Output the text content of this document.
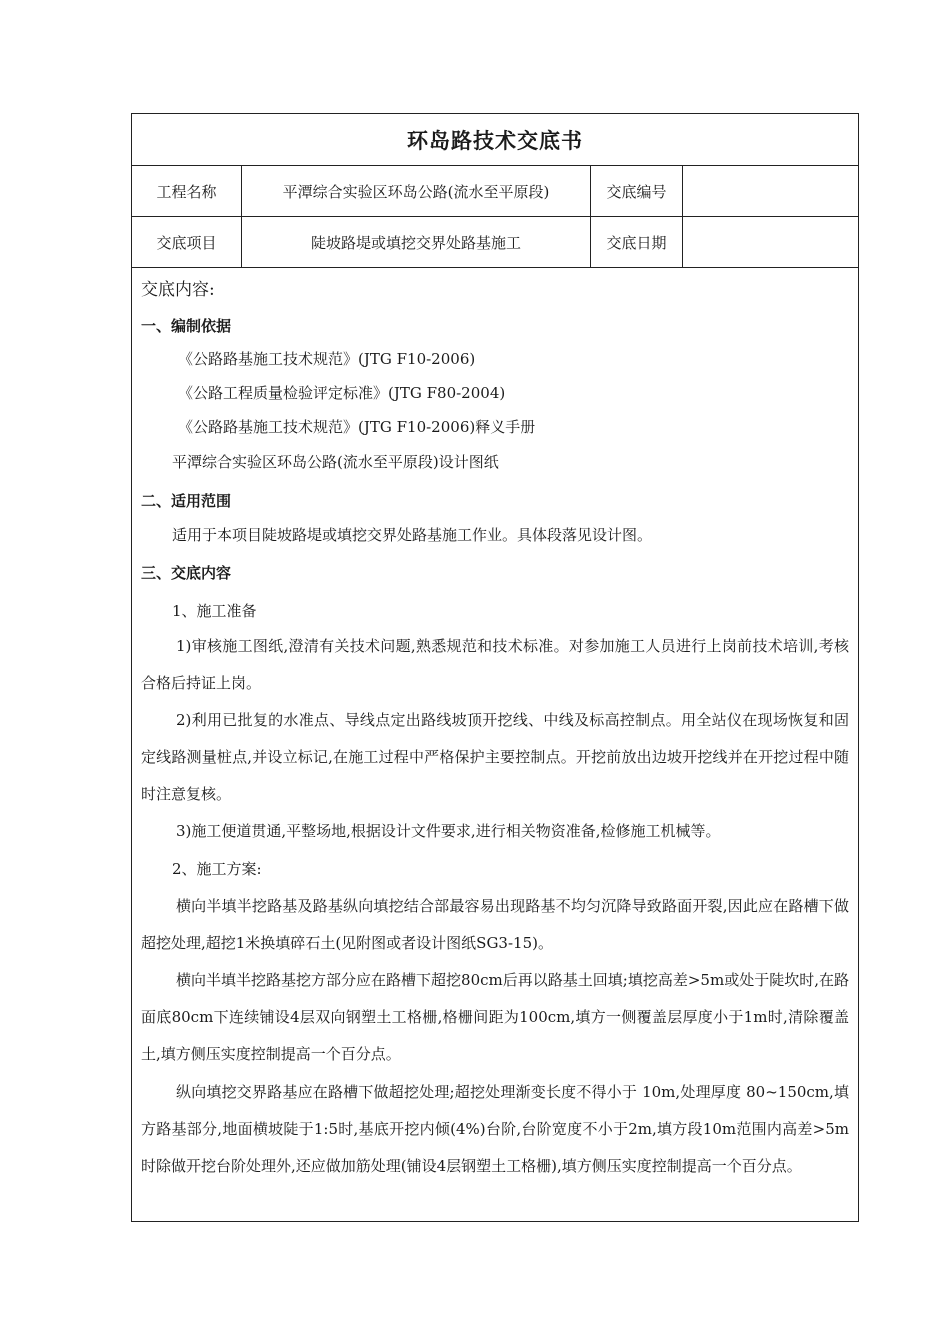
环岛路技术交底书
工程名称	平潭综合实验区环岛公路(流水至平原段)	交底编号
交底项目	陡坡路堤或填挖交界处路基施工	交底日期
交底内容:
一、编制依据
《公路路基施工技术规范》(JTG F10-2006)
《公路工程质量检验评定标准》(JTG F80-2004)
《公路路基施工技术规范》(JTG F10-2006)释义手册
平潭综合实验区环岛公路(流水至平原段)设计图纸
二、适用范围
适用于本项目陡坡路堤或填挖交界处路基施工作业。具体段落见设计图。
三、交底内容
1、施工准备
1)审核施工图纸,澄清有关技术问题,熟悉规范和技术标准。对参加施工人员进行上岗前技术培训,考核合格后持证上岗。
2)利用已批复的水准点、导线点定出路线坡顶开挖线、中线及标高控制点。用全站仪在现场恢复和固定线路测量桩点,并设立标记,在施工过程中严格保护主要控制点。开挖前放出边坡开挖线并在开挖过程中随时注意复核。
3)施工便道贯通,平整场地,根据设计文件要求,进行相关物资准备,检修施工机械等。
2、施工方案:
横向半填半挖路基及路基纵向填挖结合部最容易出现路基不均匀沉降导致路面开裂,因此应在路槽下做超挖处理,超挖1米换填碎石土(见附图或者设计图纸SG3-15)。
横向半填半挖路基挖方部分应在路槽下超挖80cm后再以路基土回填;填挖高差>5m或处于陡坎时,在路面底80cm下连续铺设4层双向钢塑土工格栅,格栅间距为100cm,填方一侧覆盖层厚度小于1m时,清除覆盖土,填方侧压实度控制提高一个百分点。
纵向填挖交界路基应在路槽下做超挖处理;超挖处理渐变长度不得小于 10m,处理厚度 80~150cm,填方路基部分,地面横坡陡于1:5时,基底开挖内倾(4%)台阶,台阶宽度不小于2m,填方段10m范围内高差>5m时除做开挖台阶处理外,还应做加筋处理(铺设4层钢塑土工格栅),填方侧压实度控制提高一个百分点。
